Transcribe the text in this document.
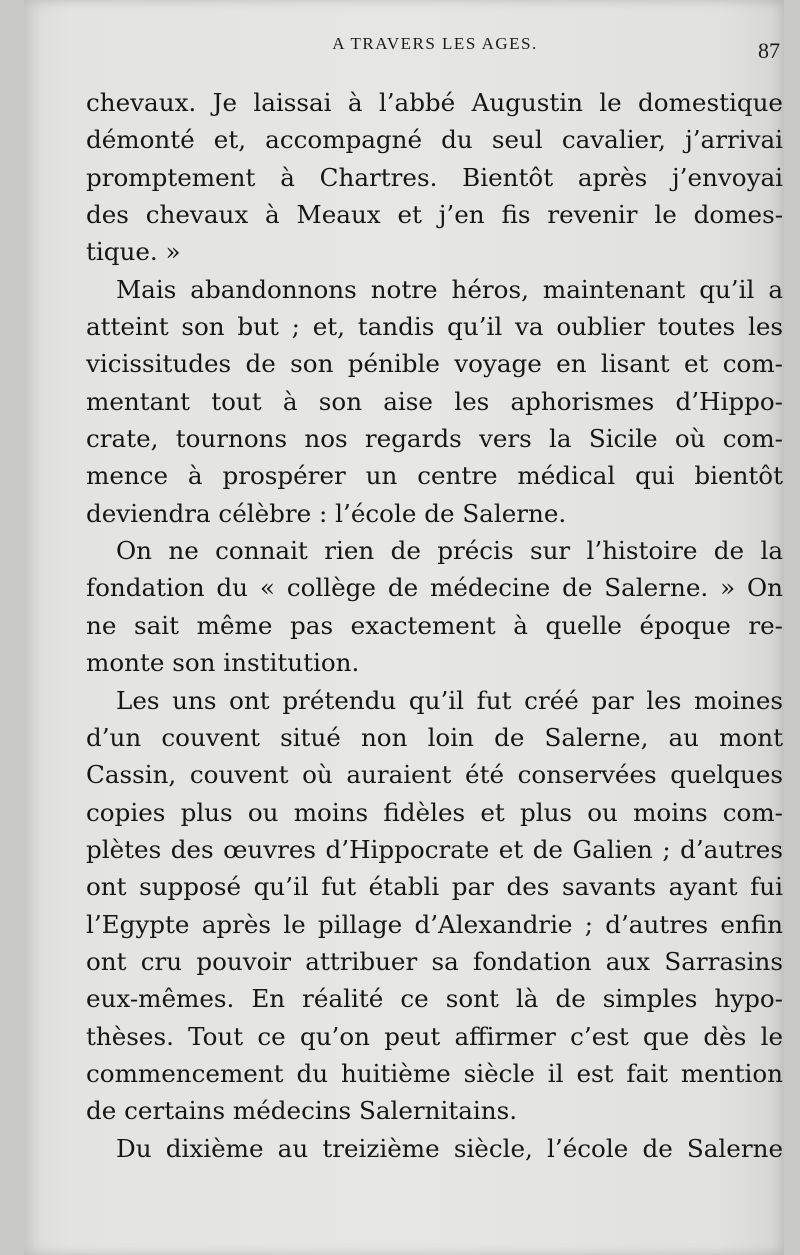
A TRAVERS LES AGES.	87
chevaux. Je laissai à l’abbé Augustin le domestique
démonté et, accompagné du seul cavalier, j’arrivai
promptement à Chartres. Bientôt après j’envoyai
des chevaux à Meaux et j’en fis revenir le domes-
tique. »
Mais abandonnons notre héros, maintenant qu’il a
atteint son but ; et, tandis qu’il va oublier toutes les
vicissitudes de son pénible voyage en lisant et com-
mentant tout à son aise les aphorismes d’Hippo-
crate, tournons nos regards vers la Sicile où com-
mence à prospérer un centre médical qui bientôt
deviendra célèbre : l’école de Salerne.
On ne connait rien de précis sur l’histoire de la
fondation du « collège de médecine de Salerne. » On
ne sait même pas exactement à quelle époque re-
monte son institution.
Les uns ont prétendu qu’il fut créé par les moines
d’un couvent situé non loin de Salerne, au mont
Cassin, couvent où auraient été conservées quelques
copies plus ou moins fidèles et plus ou moins com-
plètes des œuvres d’Hippocrate et de Galien ; d’autres
ont supposé qu’il fut établi par des savants ayant fui
l’Egypte après le pillage d’Alexandrie ; d’autres enfin
ont cru pouvoir attribuer sa fondation aux Sarrasins
eux-mêmes. En réalité ce sont là de simples hypo-
thèses. Tout ce qu’on peut affirmer c’est que dès le
commencement du huitième siècle il est fait mention
de certains médecins Salernitains.
Du dixième au treizième siècle, l’école de Salerne
